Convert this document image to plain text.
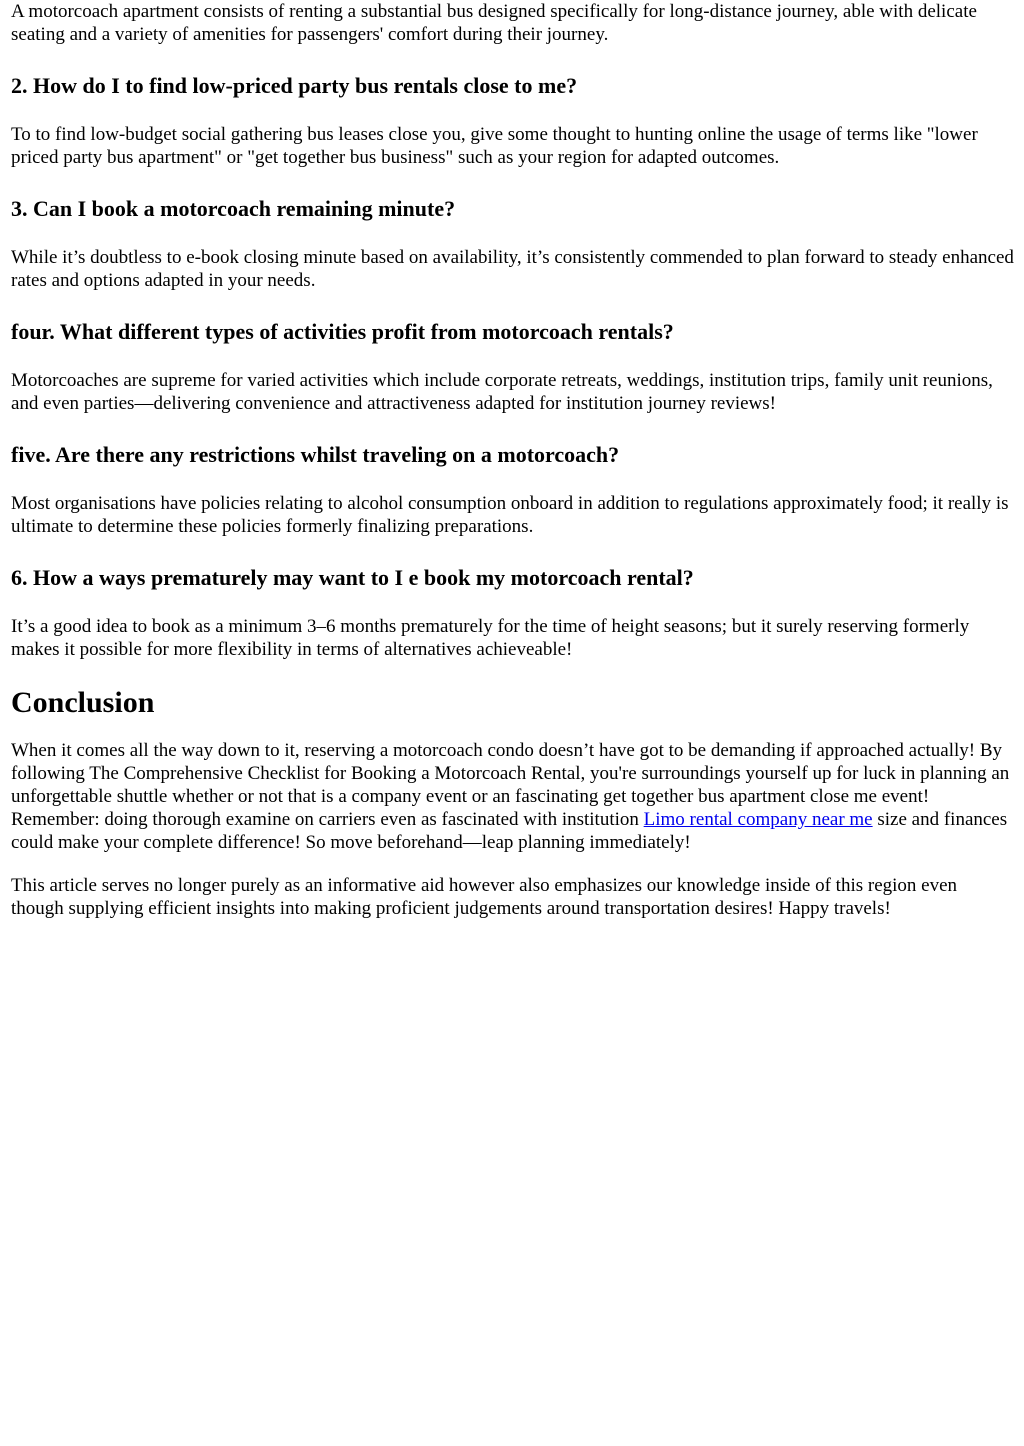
A motorcoach apartment consists of renting a substantial bus designed specifically for long-distance journey, able with delicate seating and a variety of amenities for passengers' comfort during their journey.

2. How do I to find low-priced party bus rentals close to me?

To to find low-budget social gathering bus leases close you, give some thought to hunting online the usage of terms like "lower priced party bus apartment" or "get together bus business" such as your region for adapted outcomes.

3. Can I book a motorcoach remaining minute?

While it’s doubtless to e-book closing minute based on availability, it’s consistently commended to plan forward to steady enhanced rates and options adapted in your needs.

four. What different types of activities profit from motorcoach rentals?

Motorcoaches are supreme for varied activities which include corporate retreats, weddings, institution trips, family unit reunions, and even parties—delivering convenience and attractiveness adapted for institution journey reviews!

five. Are there any restrictions whilst traveling on a motorcoach?

Most organisations have policies relating to alcohol consumption onboard in addition to regulations approximately food; it really is ultimate to determine these policies formerly finalizing preparations.

6. How a ways prematurely may want to I e book my motorcoach rental?

It’s a good idea to book as a minimum 3–6 months prematurely for the time of height seasons; but it surely reserving formerly makes it possible for more flexibility in terms of alternatives achieveable!

Conclusion

When it comes all the way down to it, reserving a motorcoach condo doesn’t have got to be demanding if approached actually! By following The Comprehensive Checklist for Booking a Motorcoach Rental, you're surroundings yourself up for luck in planning an unforgettable shuttle whether or not that is a company event or an fascinating get together bus apartment close me event! Remember: doing thorough examine on carriers even as fascinated with institution Limo rental company near me size and finances could make your complete difference! So move beforehand—leap planning immediately!

This article serves no longer purely as an informative aid however also emphasizes our knowledge inside of this region even though supplying efficient insights into making proficient judgements around transportation desires! Happy travels!
